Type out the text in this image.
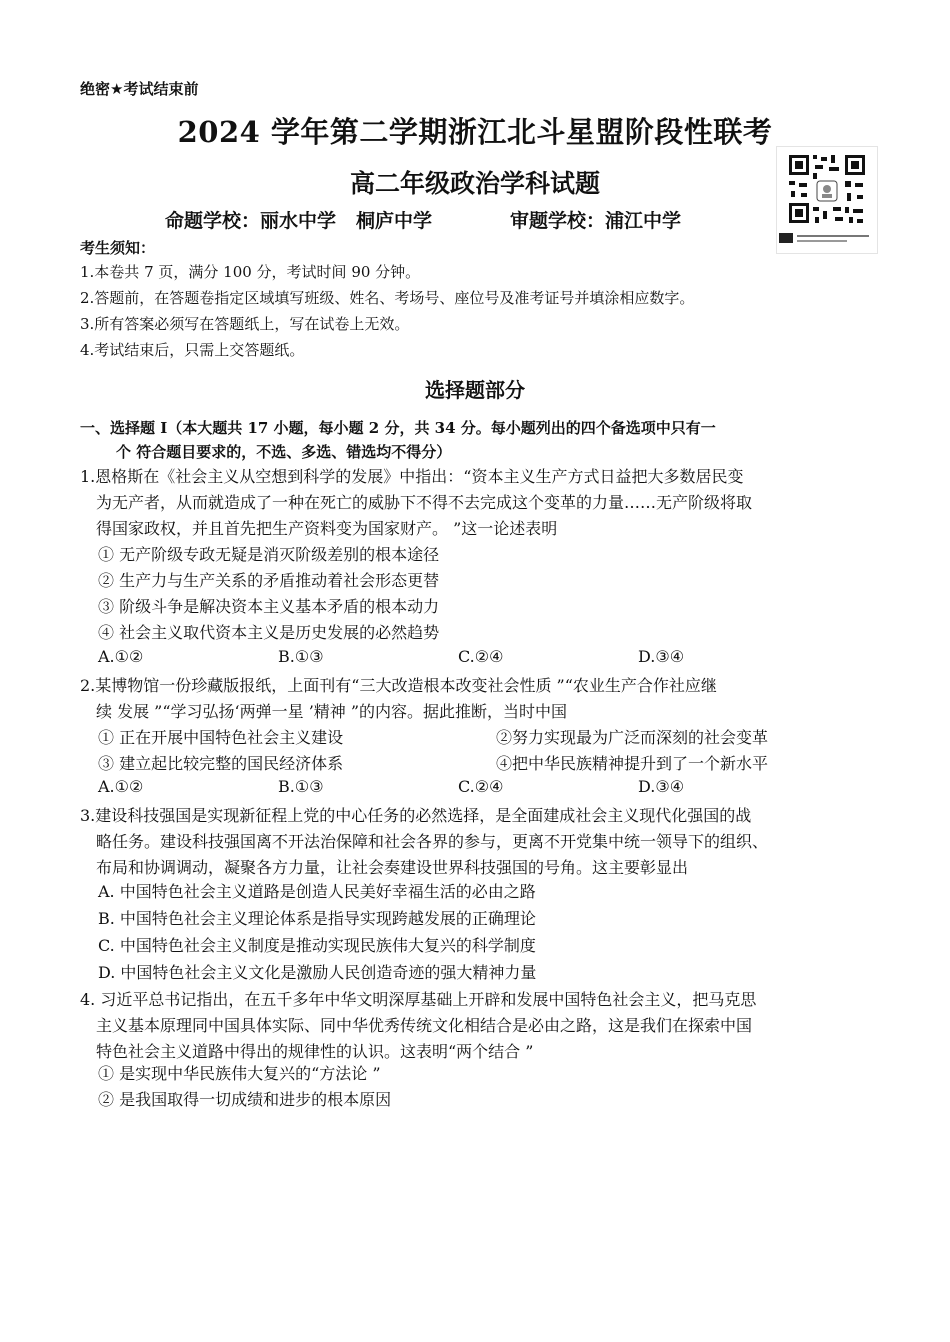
绝密★考试结束前
2024 学年第二学期浙江北斗星盟阶段性联考
高二年级政治学科试题
命题学校：丽水中学 桐庐中学	审题学校：浦江中学
考生须知：
1.本卷共 7 页，满分 100 分，考试时间 90 分钟。
2.答题前，在答题卷指定区域填写班级、姓名、考场号、座位号及准考证号并填涂相应数字。
3.所有答案必须写在答题纸上，写在试卷上无效。
4.考试结束后，只需上交答题纸。
选择题部分
一、选择题 I（本大题共 17 小题，每小题 2 分，共 34 分。每小题列出的四个备选项中只有一
个 符合题目要求的，不选、多选、错选均不得分）
1.恩格斯在《社会主义从空想到科学的发展》中指出：“资本主义生产方式日益把大多数居民变
为无产者，从而就造成了一种在死亡的威胁下不得不去完成这个变革的力量……无产阶级将取
得国家政权，并且首先把生产资料变为国家财产。 ”这一论述表明
① 无产阶级专政无疑是消灭阶级差别的根本途径
② 生产力与生产关系的矛盾推动着社会形态更替
③ 阶级斗争是解决资本主义基本矛盾的根本动力
④ 社会主义取代资本主义是历史发展的必然趋势
A.①②	B.①③	C.②④	D.③④
2.某博物馆一份珍藏版报纸，上面刊有“三大改造根本改变社会性质 ”“农业生产合作社应继
续 发展 ”“学习弘扬‘两弹一星 ’精神 ”的内容。据此推断，当时中国
① 正在开展中国特色社会主义建设	②努力实现最为广泛而深刻的社会变革
③ 建立起比较完整的国民经济体系	④把中华民族精神提升到了一个新水平
A.①②	B.①③	C.②④	D.③④
3.建设科技强国是实现新征程上党的中心任务的必然选择，是全面建成社会主义现代化强国的战
略任务。建设科技强国离不开法治保障和社会各界的参与，更离不开党集中统一领导下的组织、
布局和协调调动，凝聚各方力量，让社会奏建设世界科技强国的号角。这主要彰显出
A. 中国特色社会主义道路是创造人民美好幸福生活的必由之路
B. 中国特色社会主义理论体系是指导实现跨越发展的正确理论
C. 中国特色社会主义制度是推动实现民族伟大复兴的科学制度
D. 中国特色社会主义文化是激励人民创造奇迹的强大精神力量
4. 习近平总书记指出，在五千多年中华文明深厚基础上开辟和发展中国特色社会主义，把马克思
主义基本原理同中国具体实际、同中华优秀传统文化相结合是必由之路，这是我们在探索中国
特色社会主义道路中得出的规律性的认识。这表明“两个结合 ”
① 是实现中华民族伟大复兴的“方法论 ”
② 是我国取得一切成绩和进步的根本原因
